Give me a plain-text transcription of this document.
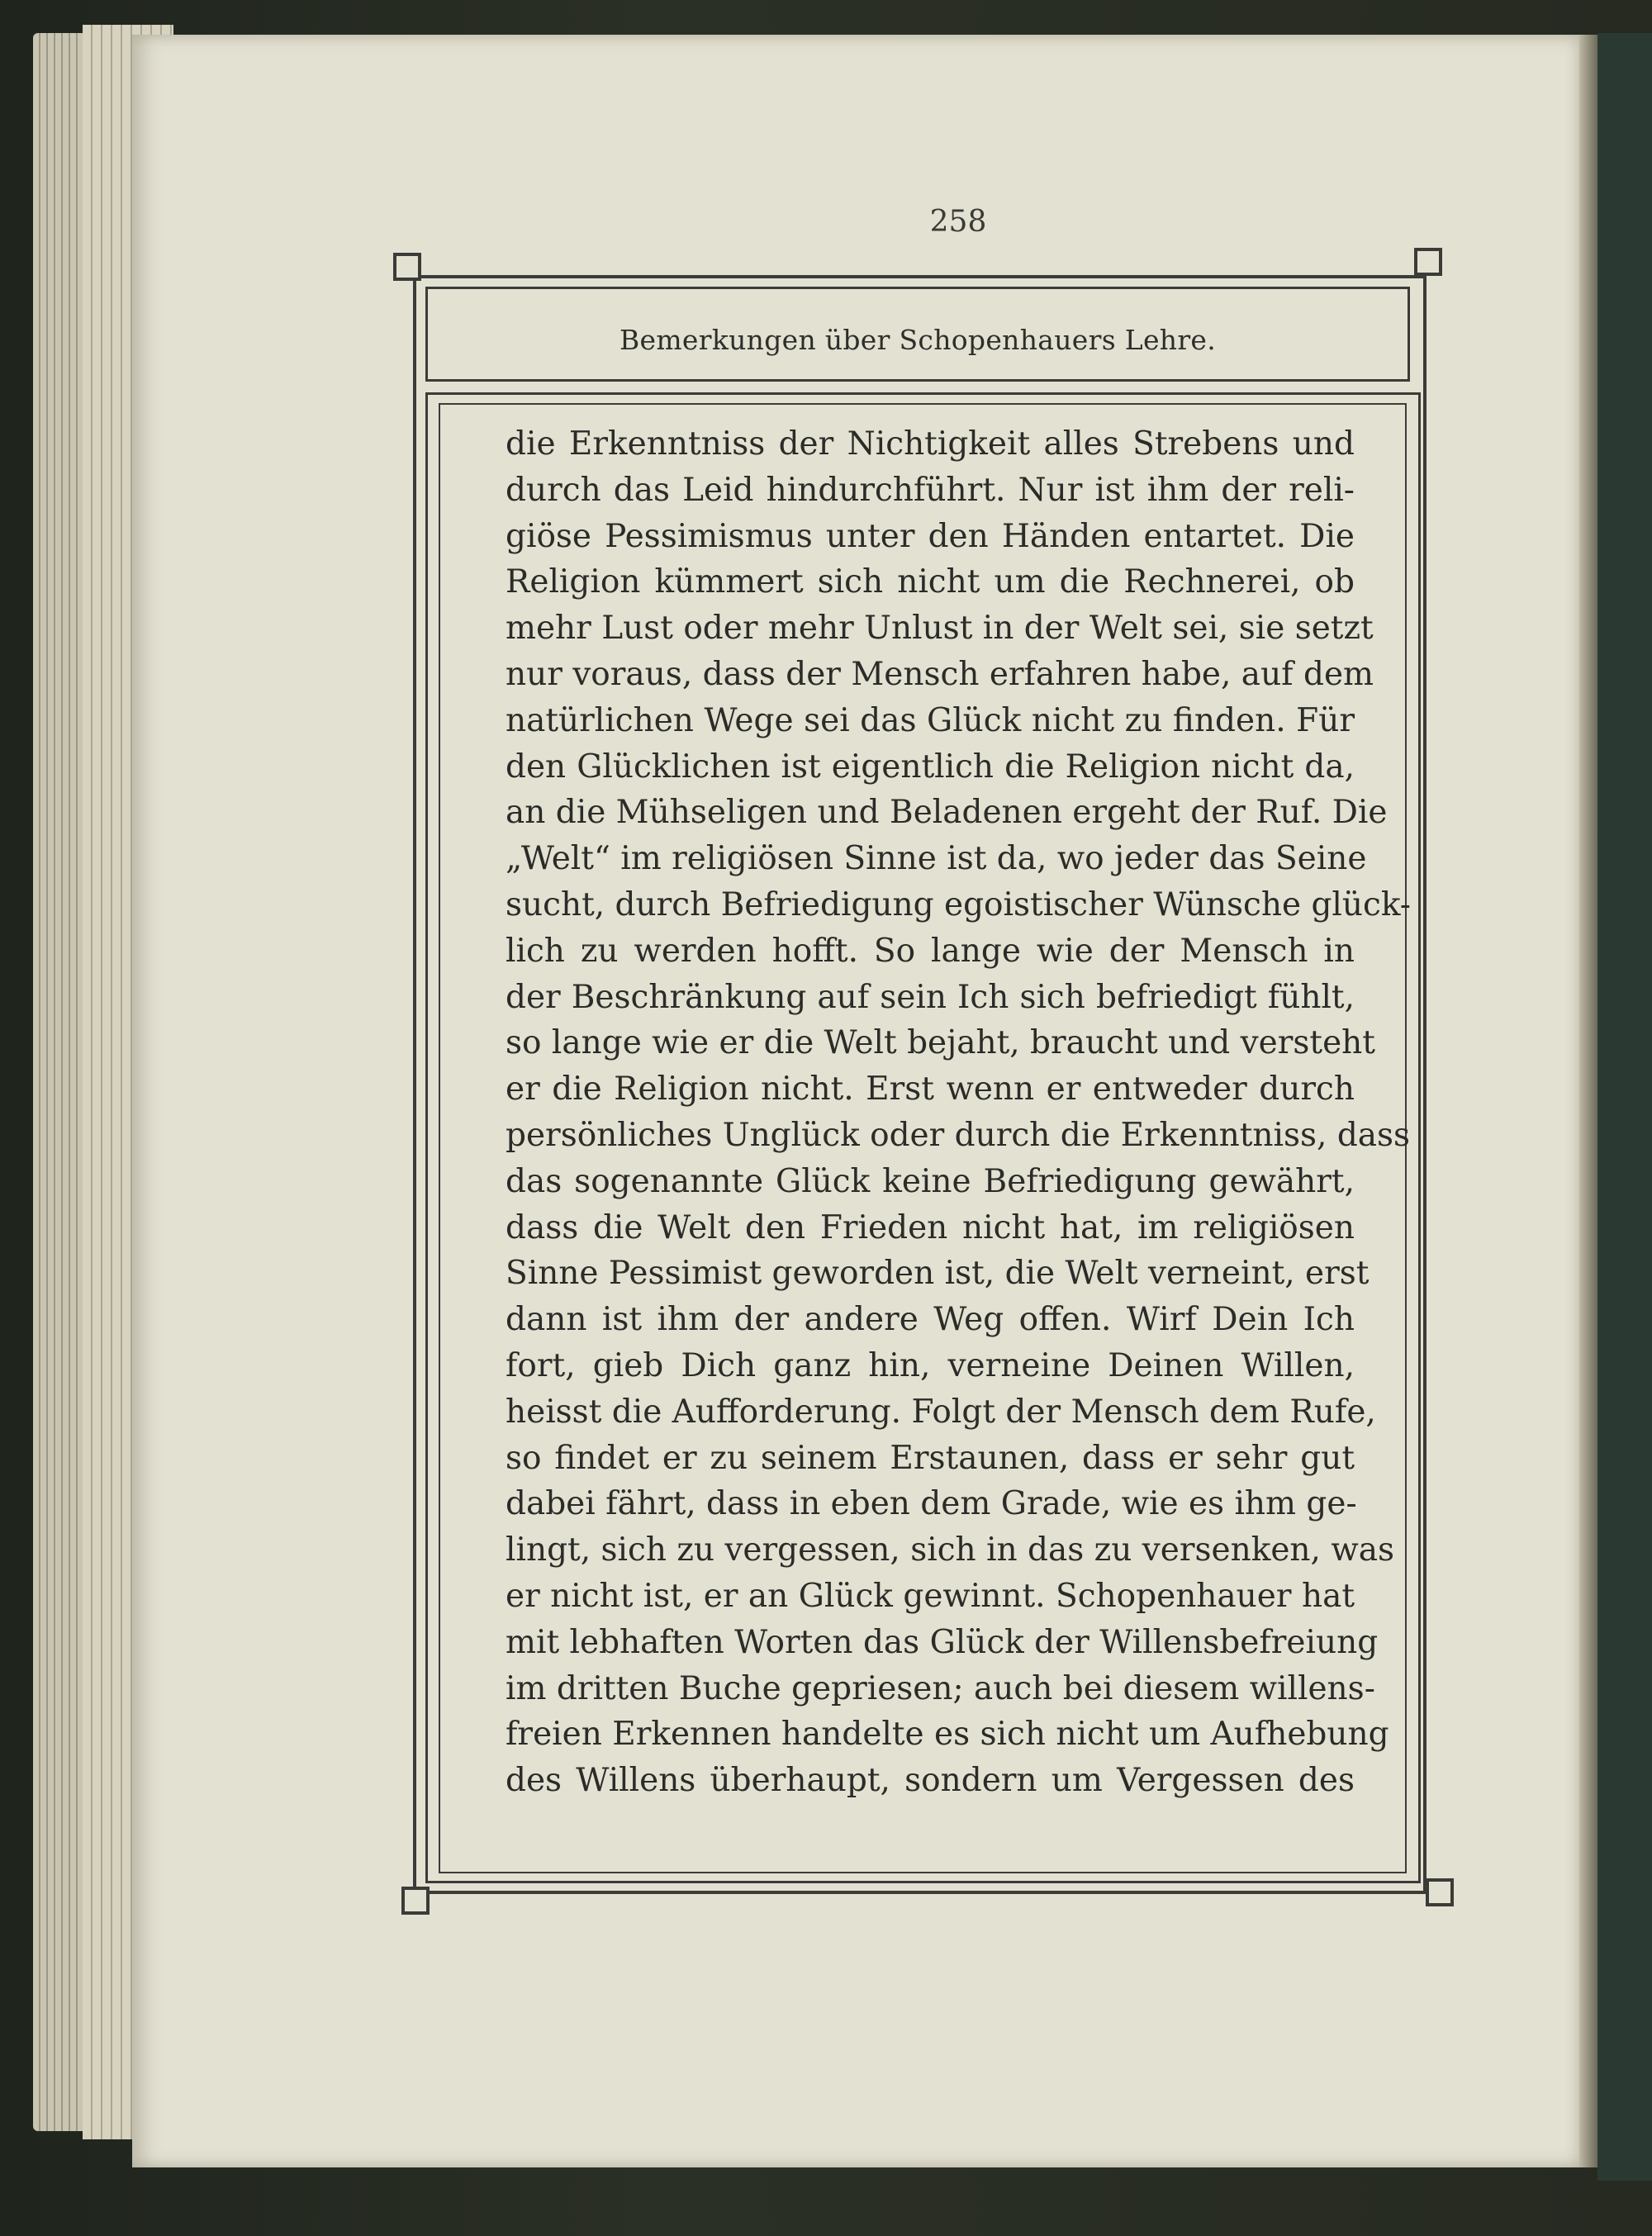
258
Bemerkungen über Schopenhauers Lehre.
die Erkenntniss der Nichtigkeit alles Strebens und
durch das Leid hindurchführt. Nur ist ihm der reli-
giöse Pessimismus unter den Händen entartet. Die
Religion kümmert sich nicht um die Rechnerei, ob
mehr Lust oder mehr Unlust in der Welt sei, sie setzt
nur voraus, dass der Mensch erfahren habe, auf dem
natürlichen Wege sei das Glück nicht zu finden. Für
den Glücklichen ist eigentlich die Religion nicht da,
an die Mühseligen und Beladenen ergeht der Ruf. Die
„Welt“ im religiösen Sinne ist da, wo jeder das Seine
sucht, durch Befriedigung egoistischer Wünsche glück-
lich zu werden hofft. So lange wie der Mensch in
der Beschränkung auf sein Ich sich befriedigt fühlt,
so lange wie er die Welt bejaht, braucht und versteht
er die Religion nicht. Erst wenn er entweder durch
persönliches Unglück oder durch die Erkenntniss, dass
das sogenannte Glück keine Befriedigung gewährt,
dass die Welt den Frieden nicht hat, im religiösen
Sinne Pessimist geworden ist, die Welt verneint, erst
dann ist ihm der andere Weg offen. Wirf Dein Ich
fort, gieb Dich ganz hin, verneine Deinen Willen,
heisst die Aufforderung. Folgt der Mensch dem Rufe,
so findet er zu seinem Erstaunen, dass er sehr gut
dabei fährt, dass in eben dem Grade, wie es ihm ge-
lingt, sich zu vergessen, sich in das zu versenken, was
er nicht ist, er an Glück gewinnt. Schopenhauer hat
mit lebhaften Worten das Glück der Willensbefreiung
im dritten Buche gepriesen; auch bei diesem willens-
freien Erkennen handelte es sich nicht um Aufhebung
des Willens überhaupt, sondern um Vergessen des
